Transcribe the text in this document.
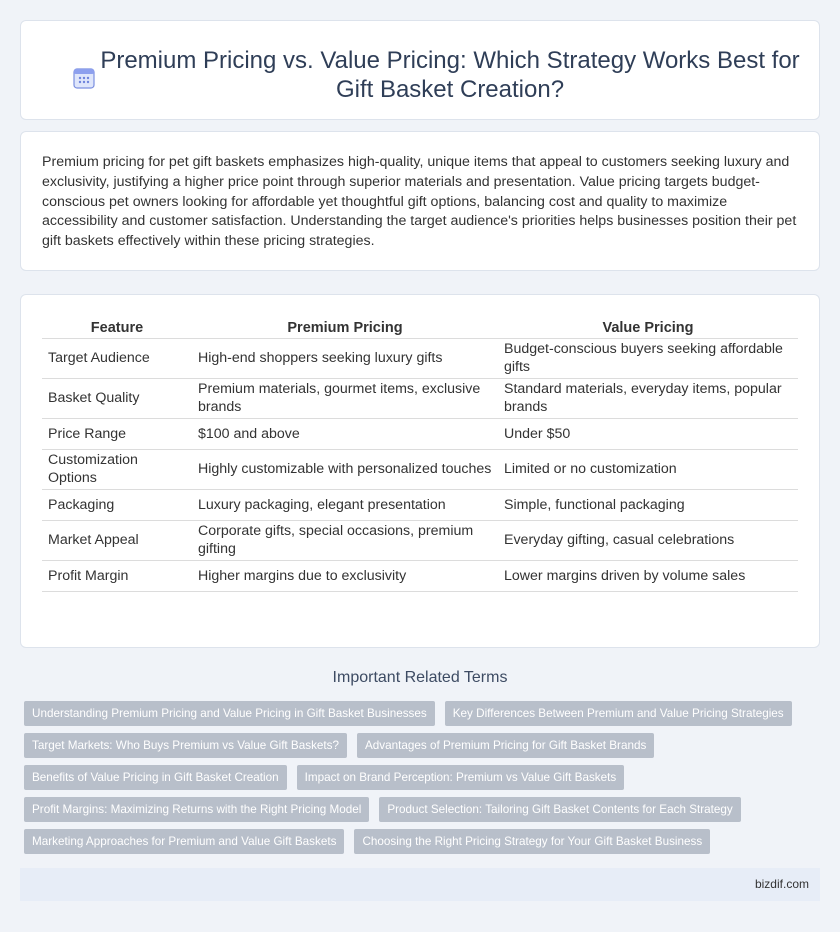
Premium Pricing vs. Value Pricing: Which Strategy Works Best for Gift Basket Creation?

Premium pricing for pet gift baskets emphasizes high-quality, unique items that appeal to customers seeking luxury and exclusivity, justifying a higher price point through superior materials and presentation. Value pricing targets budget-conscious pet owners looking for affordable yet thoughtful gift options, balancing cost and quality to maximize accessibility and customer satisfaction. Understanding the target audience's priorities helps businesses position their pet gift baskets effectively within these pricing strategies.

Feature	Premium Pricing	Value Pricing
Target Audience	High-end shoppers seeking luxury gifts	Budget-conscious buyers seeking affordable gifts
Basket Quality	Premium materials, gourmet items, exclusive brands	Standard materials, everyday items, popular brands
Price Range	$100 and above	Under $50
Customization Options	Highly customizable with personalized touches	Limited or no customization
Packaging	Luxury packaging, elegant presentation	Simple, functional packaging
Market Appeal	Corporate gifts, special occasions, premium gifting	Everyday gifting, casual celebrations
Profit Margin	Higher margins due to exclusivity	Lower margins driven by volume sales
Important Related Terms
Understanding Premium Pricing and Value Pricing in Gift Basket Businesses	Key Differences Between Premium and Value Pricing Strategies
Target Markets: Who Buys Premium vs Value Gift Baskets?	Advantages of Premium Pricing for Gift Basket Brands
Benefits of Value Pricing in Gift Basket Creation	Impact on Brand Perception: Premium vs Value Gift Baskets
Profit Margins: Maximizing Returns with the Right Pricing Model	Product Selection: Tailoring Gift Basket Contents for Each Strategy
Marketing Approaches for Premium and Value Gift Baskets	Choosing the Right Pricing Strategy for Your Gift Basket Business
bizdif.com
